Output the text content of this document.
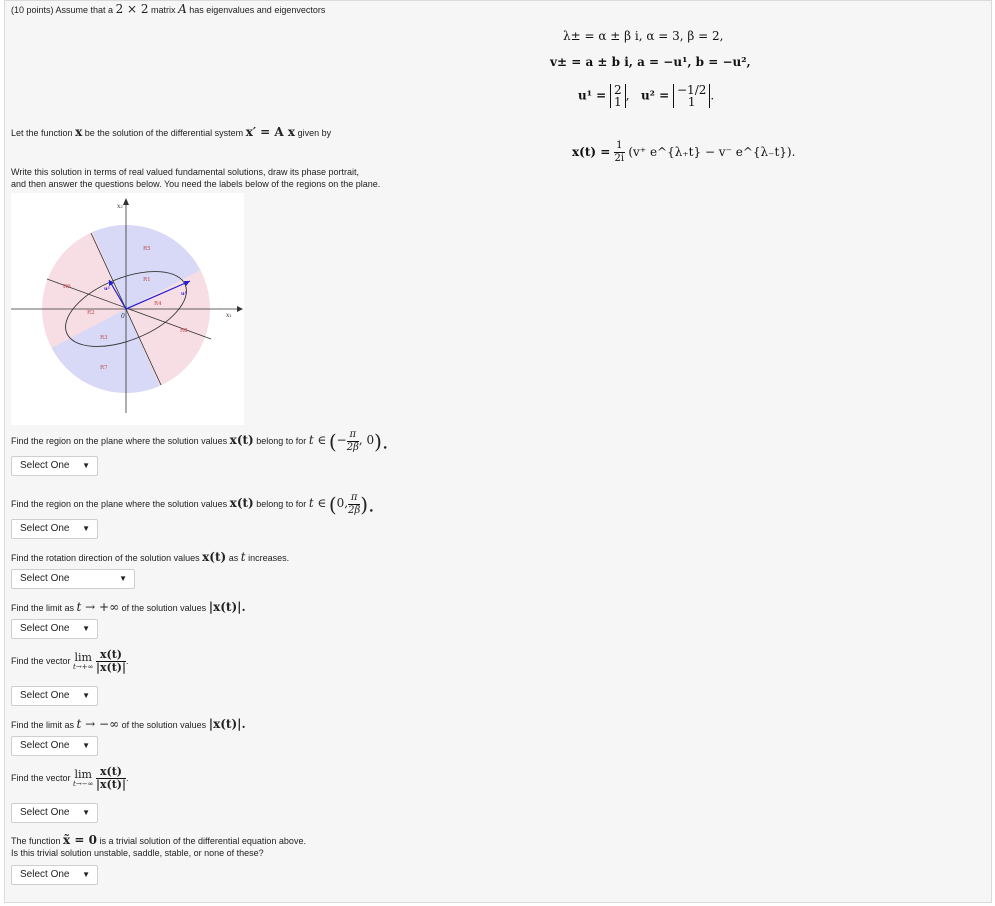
(10 points) Assume that a 2 × 2 matrix A has eigenvalues and eigenvectors
λ± = α ± β i, α = 3, β = 2,
v± = a ± b i, a = −u¹, b = −u²,
u¹ = 2
1 ,   u² = −1/2
1	.
$x(t) = \frac{1}{2i} (v^+$ e^{λ₊t} − v⁻ e^{λ₋t}).
Let the function x be the solution of the differential system x′ = A x given by
Write this solution in terms of real valued fundamental solutions, draw its phase portrait,
and then answer the questions below. You need the labels below of the regions on the plane.
x₂
x₁
0
u¹
u²
R1
R2
R3
R4
R5
R6
R7
R8
Find the region on the plane where the solution values x(t) belong to for t ∈ (− $\frac{\pi}{2\beta}$ , 0).
Select One ▼
Find the region on the plane where the solution values x(t) belong to for t ∈ (0, $\frac{\pi}{2\beta}$ ).
Select One ▼
Find the rotation direction of the solution values x(t) as t increases.
Select One	▼
Find the limit as t → +∞ of the solution values |x(t)|.
Select One ▼
Find the vector lim
t→+∞
$\frac{x(t)}{|x(t)|}$ .
Select One ▼
Find the limit as t → −∞ of the solution values |x(t)|.
Select One ▼
Find the vector lim
t→−∞
$\frac{x(t)}{|x(t)|}$ .
Select One ▼
The function x̃ = 0 is a trivial solution of the differential equation above.
Is this trivial solution unstable, saddle, stable, or none of these?
Select One ▼
